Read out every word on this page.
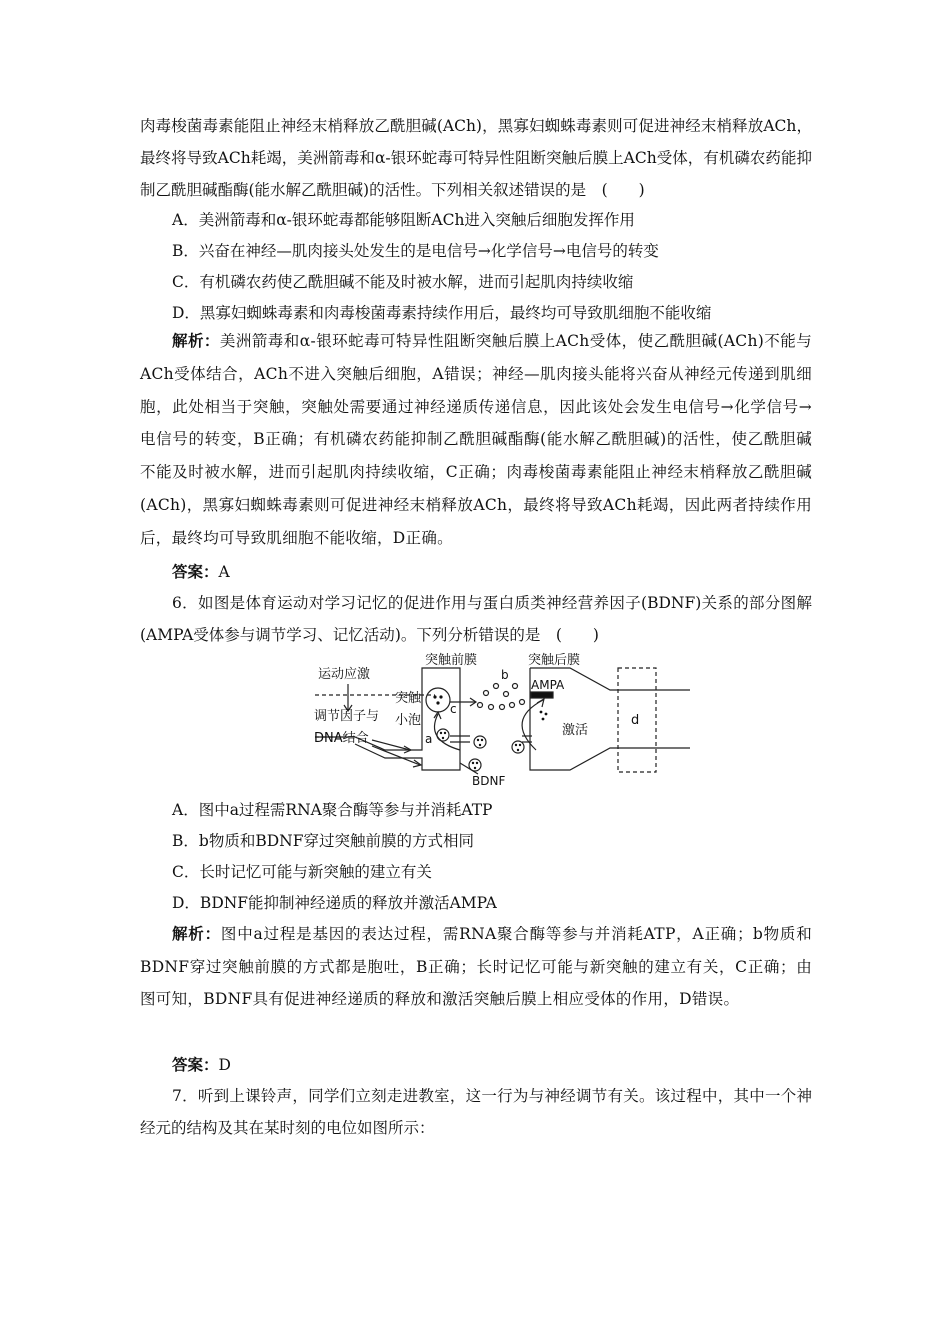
肉毒梭菌毒素能阻止神经末梢释放乙酰胆碱(ACh)，黑寡妇蜘蛛毒素则可促进神经末梢释放ACh，最终将导致ACh耗竭，美洲箭毒和α-银环蛇毒可特异性阻断突触后膜上ACh受体，有机磷农药能抑制乙酰胆碱酯酶(能水解乙酰胆碱)的活性。下列相关叙述错误的是　(　　)

A．美洲箭毒和α-银环蛇毒都能够阻断ACh进入突触后细胞发挥作用

B．兴奋在神经—肌肉接头处发生的是电信号→化学信号→电信号的转变

C．有机磷农药使乙酰胆碱不能及时被水解，进而引起肌肉持续收缩

D．黑寡妇蜘蛛毒素和肉毒梭菌毒素持续作用后，最终均可导致肌细胞不能收缩

解析：美洲箭毒和α-银环蛇毒可特异性阻断突触后膜上ACh受体，使乙酰胆碱(ACh)不能与ACh受体结合，ACh不进入突触后细胞，A错误；神经—肌肉接头能将兴奋从神经元传递到肌细胞，此处相当于突触，突触处需要通过神经递质传递信息，因此该处会发生电信号→化学信号→电信号的转变，B正确；有机磷农药能抑制乙酰胆碱酯酶(能水解乙酰胆碱)的活性，使乙酰胆碱不能及时被水解，进而引起肌肉持续收缩，C正确；肉毒梭菌毒素能阻止神经末梢释放乙酰胆碱(ACh)，黑寡妇蜘蛛毒素则可促进神经末梢释放ACh，最终将导致ACh耗竭，因此两者持续作用后，最终均可导致肌细胞不能收缩，D正确。

答案：A

6．如图是体育运动对学习记忆的促进作用与蛋白质类神经营养因子(BDNF)关系的部分图解(AMPA受体参与调节学习、记忆活动)。下列分析错误的是　(　　)

运动应激
调节因子与
DNA结合
突触前膜
突触
小泡
a
c
b
突触后膜
AMPA
激活
BDNF
d

A．图中a过程需RNA聚合酶等参与并消耗ATP

B．b物质和BDNF穿过突触前膜的方式相同

C．长时记忆可能与新突触的建立有关

D．BDNF能抑制神经递质的释放并激活AMPA

解析：图中a过程是基因的表达过程，需RNA聚合酶等参与并消耗ATP，A正确；b物质和BDNF穿过突触前膜的方式都是胞吐，B正确；长时记忆可能与新突触的建立有关，C正确；由图可知，BDNF具有促进神经递质的释放和激活突触后膜上相应受体的作用，D错误。

答案：D

7．听到上课铃声，同学们立刻走进教室，这一行为与神经调节有关。该过程中，其中一个神经元的结构及其在某时刻的电位如图所示：
